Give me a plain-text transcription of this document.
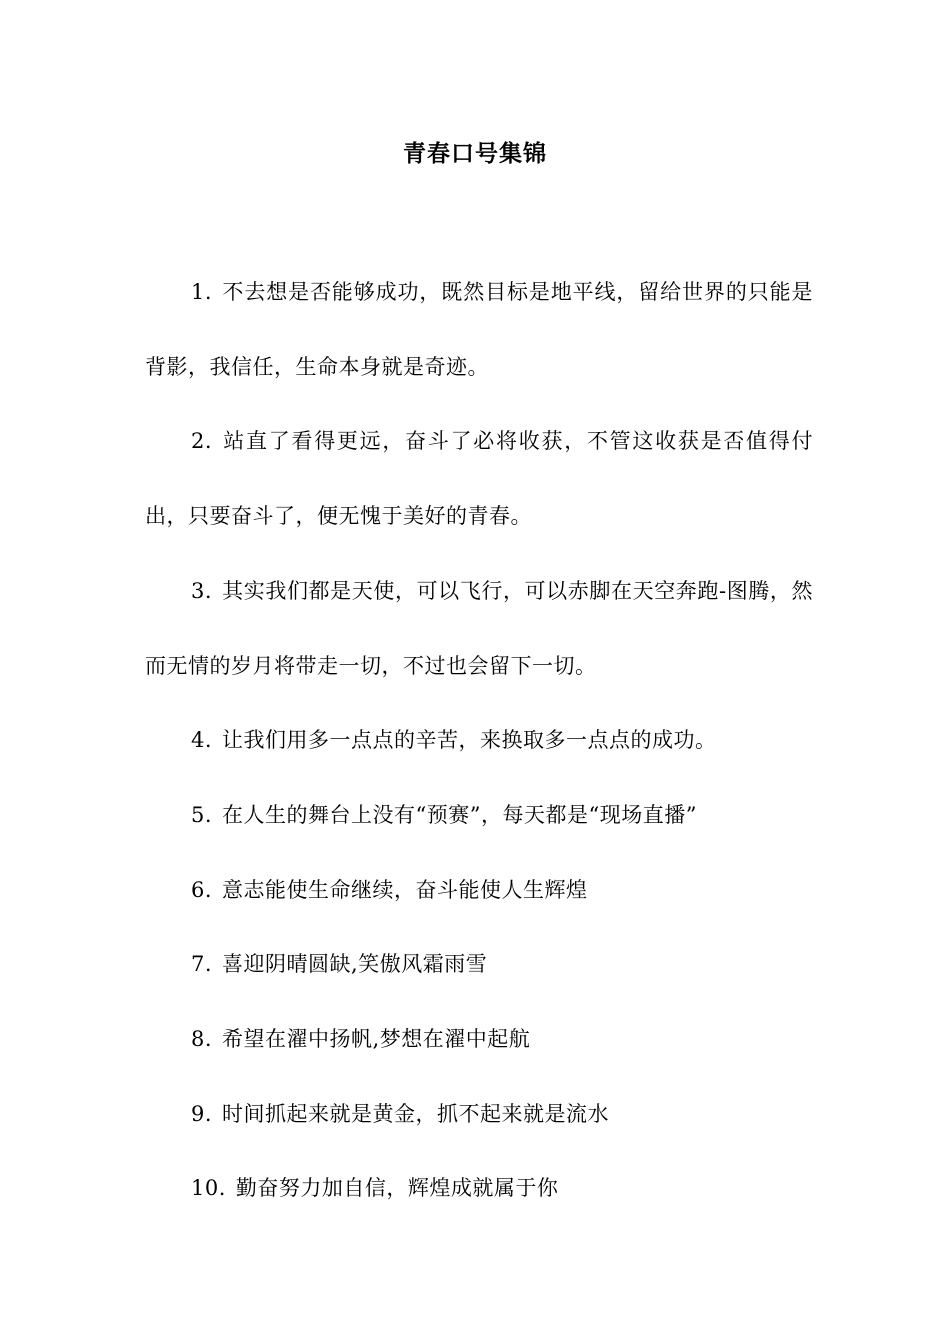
青春口号集锦

1. 不去想是否能够成功，既然目标是地平线，留给世界的只能是背影，我信任，生命本身就是奇迹。

2. 站直了看得更远，奋斗了必将收获，不管这收获是否值得付出，只要奋斗了，便无愧于美好的青春。

3. 其实我们都是天使，可以飞行，可以赤脚在天空奔跑-图腾，然而无情的岁月将带走一切，不过也会留下一切。

4. 让我们用多一点点的辛苦，来换取多一点点的成功。

5. 在人生的舞台上没有“预赛”，每天都是“现场直播”

6. 意志能使生命继续，奋斗能使人生辉煌

7. 喜迎阴晴圆缺,笑傲风霜雨雪

8. 希望在濯中扬帆,梦想在濯中起航

9. 时间抓起来就是黄金，抓不起来就是流水

10. 勤奋努力加自信，辉煌成就属于你
